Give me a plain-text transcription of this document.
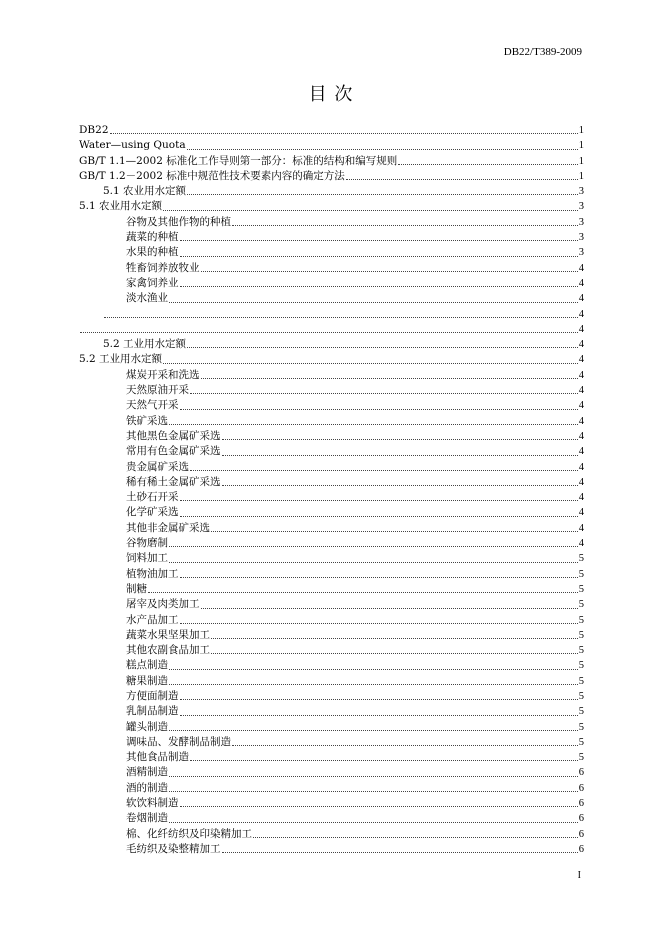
DB22/T389-2009
目 次
DB22	1
Water—using Quota	1
GB/T 1.1—2002 标准化工作导则第一部分：标准的结构和编写规则	1
GB/T 1.2－2002 标准中规范性技术要素内容的确定方法	1
5.1 农业用水定额	3
5.1 农业用水定额	3
谷物及其他作物的种植	3
蔬菜的种植	3
水果的种植	3
牲畜饲养放牧业	4
家禽饲养业	4
淡水渔业	4
4
4
5.2 工业用水定额	4
5.2 工业用水定额	4
煤炭开采和洗选	4
天然原油开采	4
天然气开采	4
铁矿采选	4
其他黑色金属矿采选	4
常用有色金属矿采选	4
贵金属矿采选	4
稀有稀土金属矿采选	4
土砂石开采	4
化学矿采选	4
其他非金属矿采选	4
谷物磨制	4
饲料加工	5
植物油加工	5
制糖	5
屠宰及肉类加工	5
水产品加工	5
蔬菜水果坚果加工	5
其他农副食品加工	5
糕点制造	5
糖果制造	5
方便面制造	5
乳制品制造	5
罐头制造	5
调味品、发酵制品制造	5
其他食品制造	5
酒精制造	6
酒的制造	6
软饮料制造	6
卷烟制造	6
棉、化纤纺织及印染精加工	6
毛纺织及染整精加工	6
I
